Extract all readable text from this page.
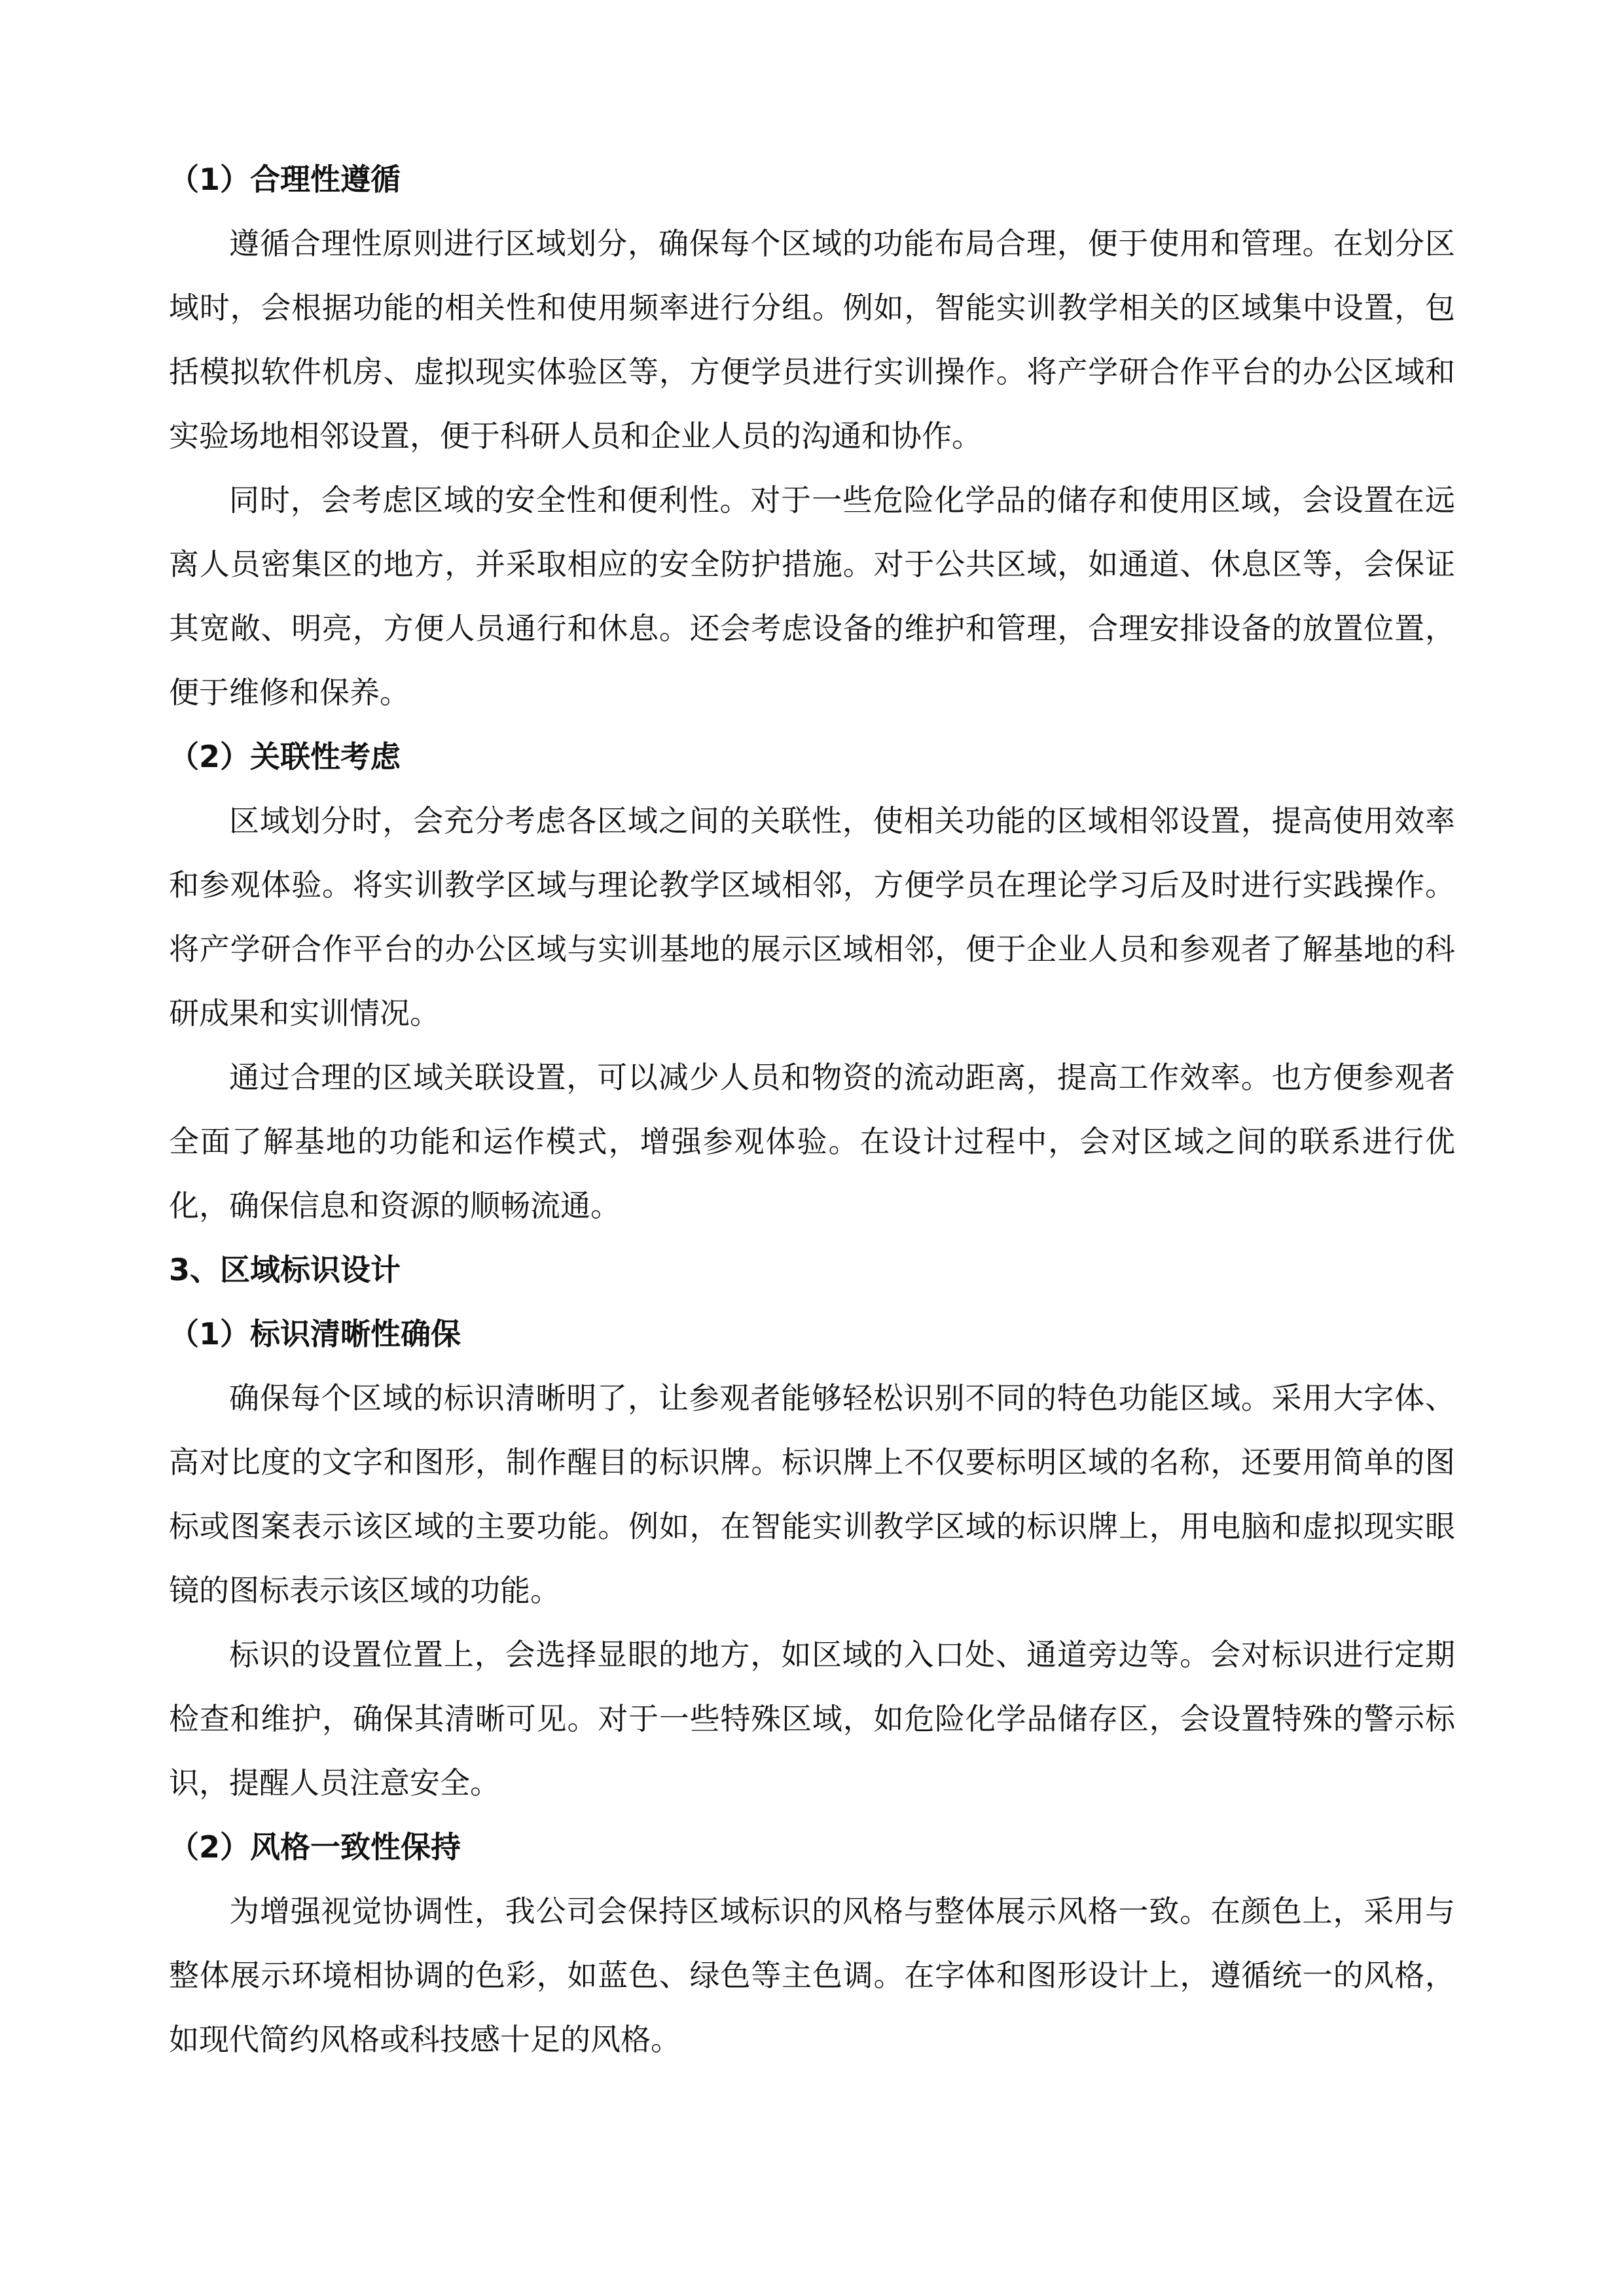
（1）合理性遵循

遵循合理性原则进行区域划分，确保每个区域的功能布局合理，便于使用和管理。在划分区域时，会根据功能的相关性和使用频率进行分组。例如，智能实训教学相关的区域集中设置，包括模拟软件机房、虚拟现实体验区等，方便学员进行实训操作。将产学研合作平台的办公区域和实验场地相邻设置，便于科研人员和企业人员的沟通和协作。

同时，会考虑区域的安全性和便利性。对于一些危险化学品的储存和使用区域，会设置在远离人员密集区的地方，并采取相应的安全防护措施。对于公共区域，如通道、休息区等，会保证其宽敞、明亮，方便人员通行和休息。还会考虑设备的维护和管理，合理安排设备的放置位置，便于维修和保养。

（2）关联性考虑

区域划分时，会充分考虑各区域之间的关联性，使相关功能的区域相邻设置，提高使用效率和参观体验。将实训教学区域与理论教学区域相邻，方便学员在理论学习后及时进行实践操作。将产学研合作平台的办公区域与实训基地的展示区域相邻，便于企业人员和参观者了解基地的科研成果和实训情况。

通过合理的区域关联设置，可以减少人员和物资的流动距离，提高工作效率。也方便参观者全面了解基地的功能和运作模式，增强参观体验。在设计过程中，会对区域之间的联系进行优化，确保信息和资源的顺畅流通。

3、区域标识设计
（1）标识清晰性确保

确保每个区域的标识清晰明了，让参观者能够轻松识别不同的特色功能区域。采用大字体、高对比度的文字和图形，制作醒目的标识牌。标识牌上不仅要标明区域的名称，还要用简单的图标或图案表示该区域的主要功能。例如，在智能实训教学区域的标识牌上，用电脑和虚拟现实眼镜的图标表示该区域的功能。

标识的设置位置上，会选择显眼的地方，如区域的入口处、通道旁边等。会对标识进行定期检查和维护，确保其清晰可见。对于一些特殊区域，如危险化学品储存区，会设置特殊的警示标识，提醒人员注意安全。

（2）风格一致性保持

为增强视觉协调性，我公司会保持区域标识的风格与整体展示风格一致。在颜色上，采用与整体展示环境相协调的色彩，如蓝色、绿色等主色调。在字体和图形设计上，遵循统一的风格，如现代简约风格或科技感十足的风格。
